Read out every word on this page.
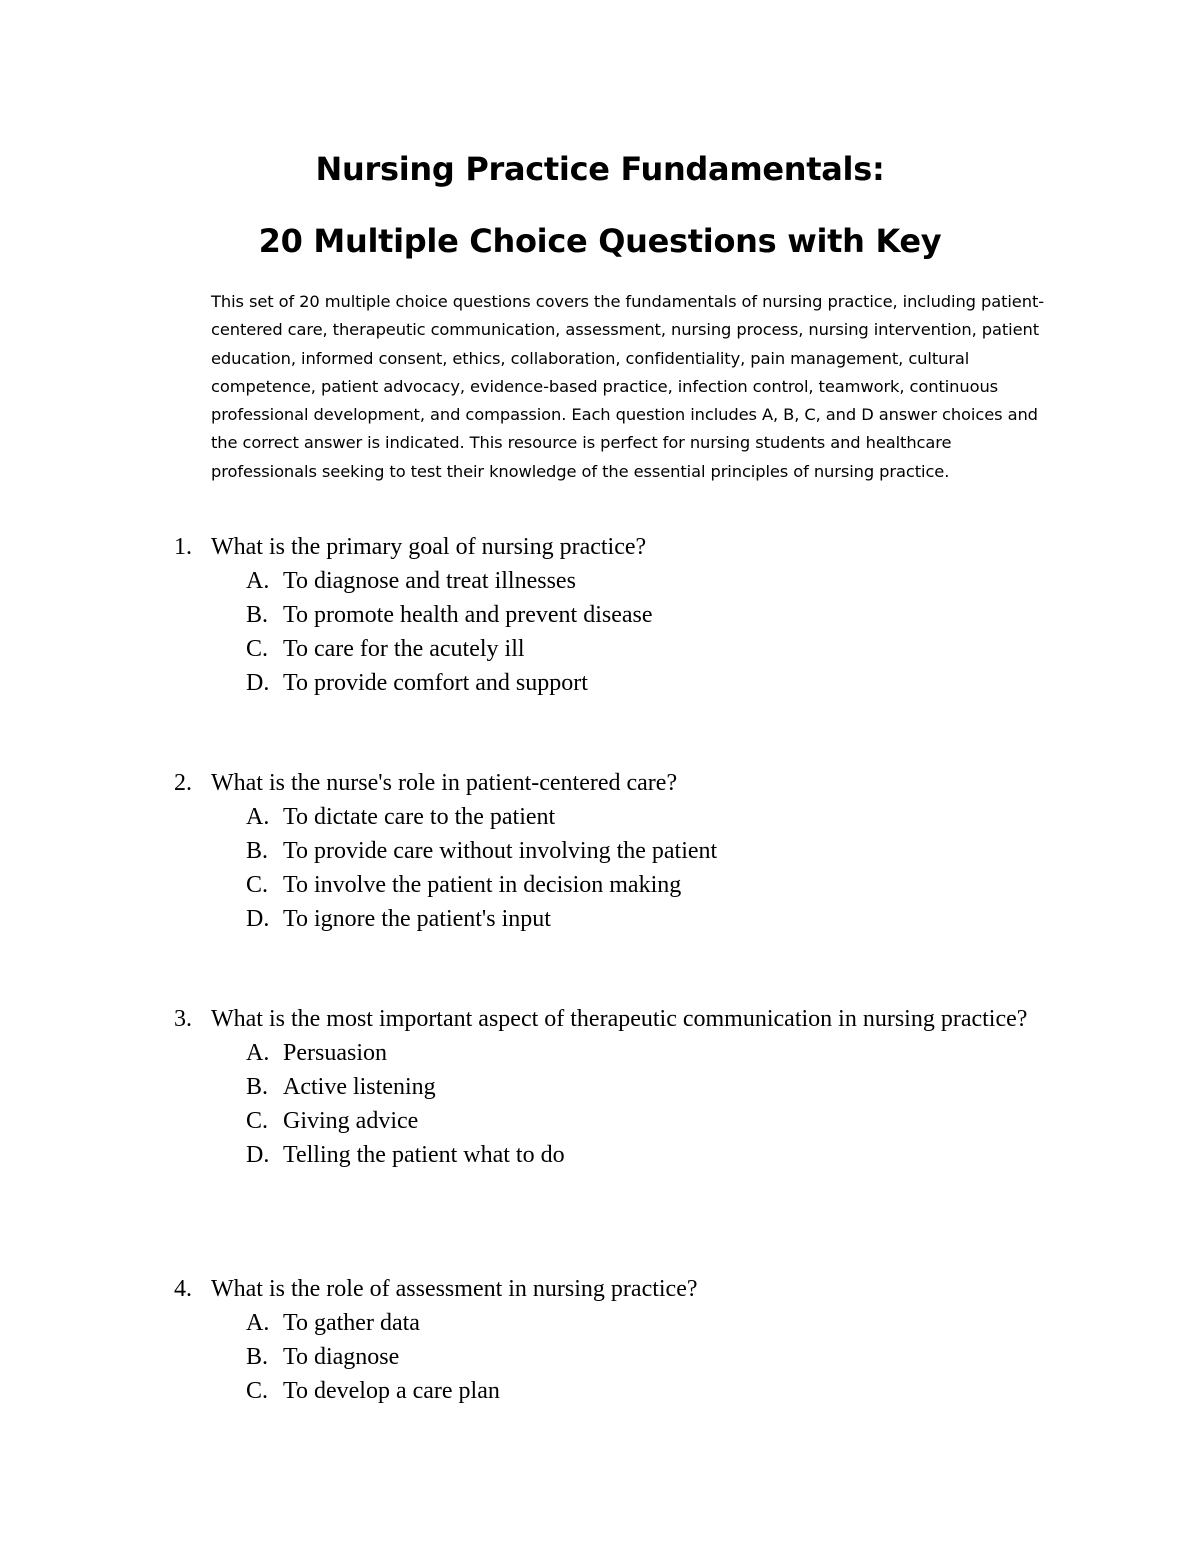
Nursing Practice Fundamentals:
20 Multiple Choice Questions with Key

This set of 20 multiple choice questions covers the fundamentals of nursing practice, including patient-centered care, therapeutic communication, assessment, nursing process, nursing intervention, patient education, informed consent, ethics, collaboration, confidentiality, pain management, cultural competence, patient advocacy, evidence-based practice, infection control, teamwork, continuous professional development, and compassion. Each question includes A, B, C, and D answer choices and the correct answer is indicated. This resource is perfect for nursing students and healthcare professionals seeking to test their knowledge of the essential principles of nursing practice.

1. What is the primary goal of nursing practice?
A. To diagnose and treat illnesses
B. To promote health and prevent disease
C. To care for the acutely ill
D. To provide comfort and support
2. What is the nurse's role in patient-centered care?
A. To dictate care to the patient
B. To provide care without involving the patient
C. To involve the patient in decision making
D. To ignore the patient's input
3. What is the most important aspect of therapeutic communication in nursing practice?
A. Persuasion
B. Active listening
C. Giving advice
D. Telling the patient what to do
4. What is the role of assessment in nursing practice?
A. To gather data
B. To diagnose
C. To develop a care plan
